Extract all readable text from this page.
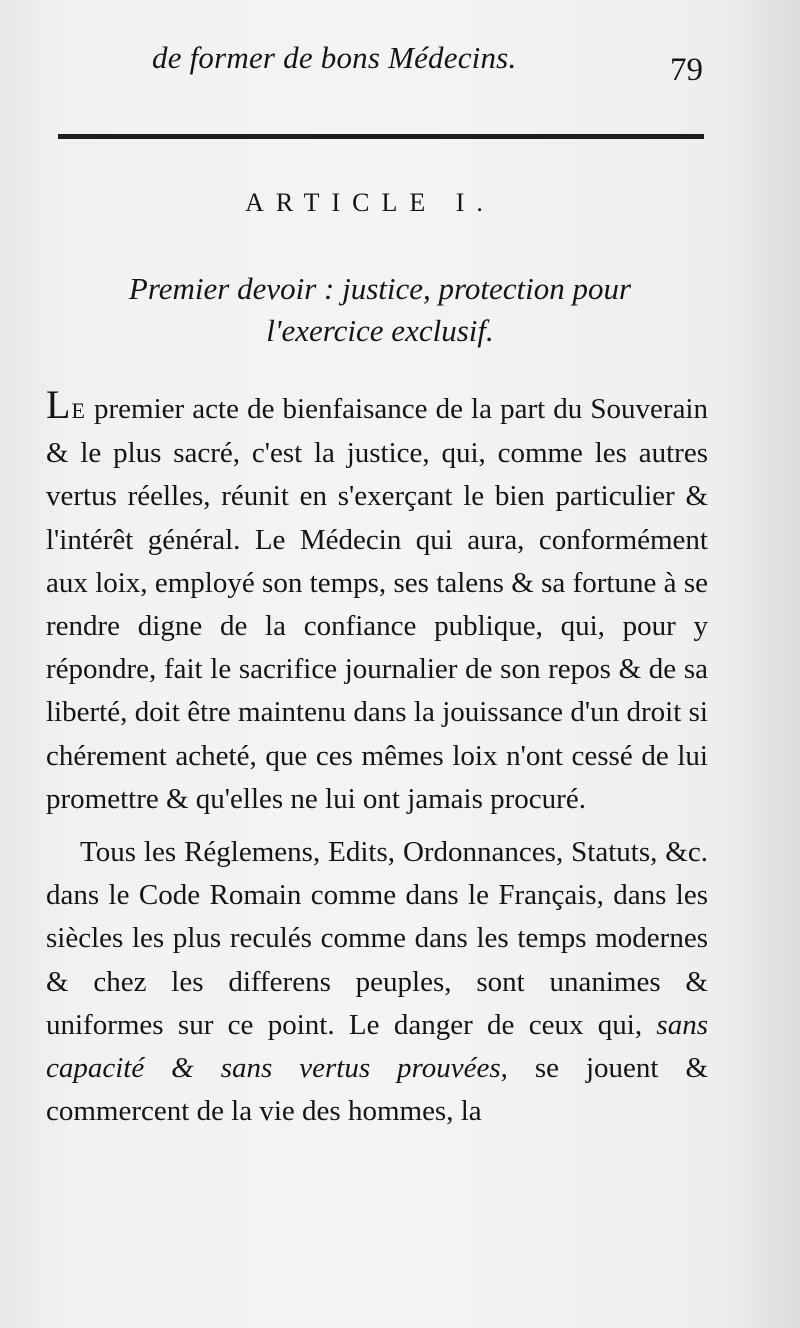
de former de bons Médecins.	79
ARTICLE I.
Premier devoir : justice, protection pour
l'exercice exclusif.

LE premier acte de bienfaisance de la part du Souverain & le plus sacré, c'est la justice, qui, comme les autres vertus réelles, réunit en s'exerçant le bien particulier & l'intérêt général. Le Médecin qui aura, conformément aux loix, employé son temps, ses talens & sa fortune à se rendre digne de la confiance publique, qui, pour y répondre, fait le sacrifice journalier de son repos & de sa liberté, doit être maintenu dans la jouissance d'un droit si chérement acheté, que ces mêmes loix n'ont cessé de lui promettre & qu'elles ne lui ont jamais procuré.

Tous les Réglemens, Edits, Ordonnances, Statuts, &c. dans le Code Romain comme dans le Français, dans les siècles les plus reculés comme dans les temps modernes & chez les differens peuples, sont unanimes & uniformes sur ce point. Le danger de ceux qui, sans capacité & sans vertus prouvées, se jouent & commercent de la vie des hommes, la
